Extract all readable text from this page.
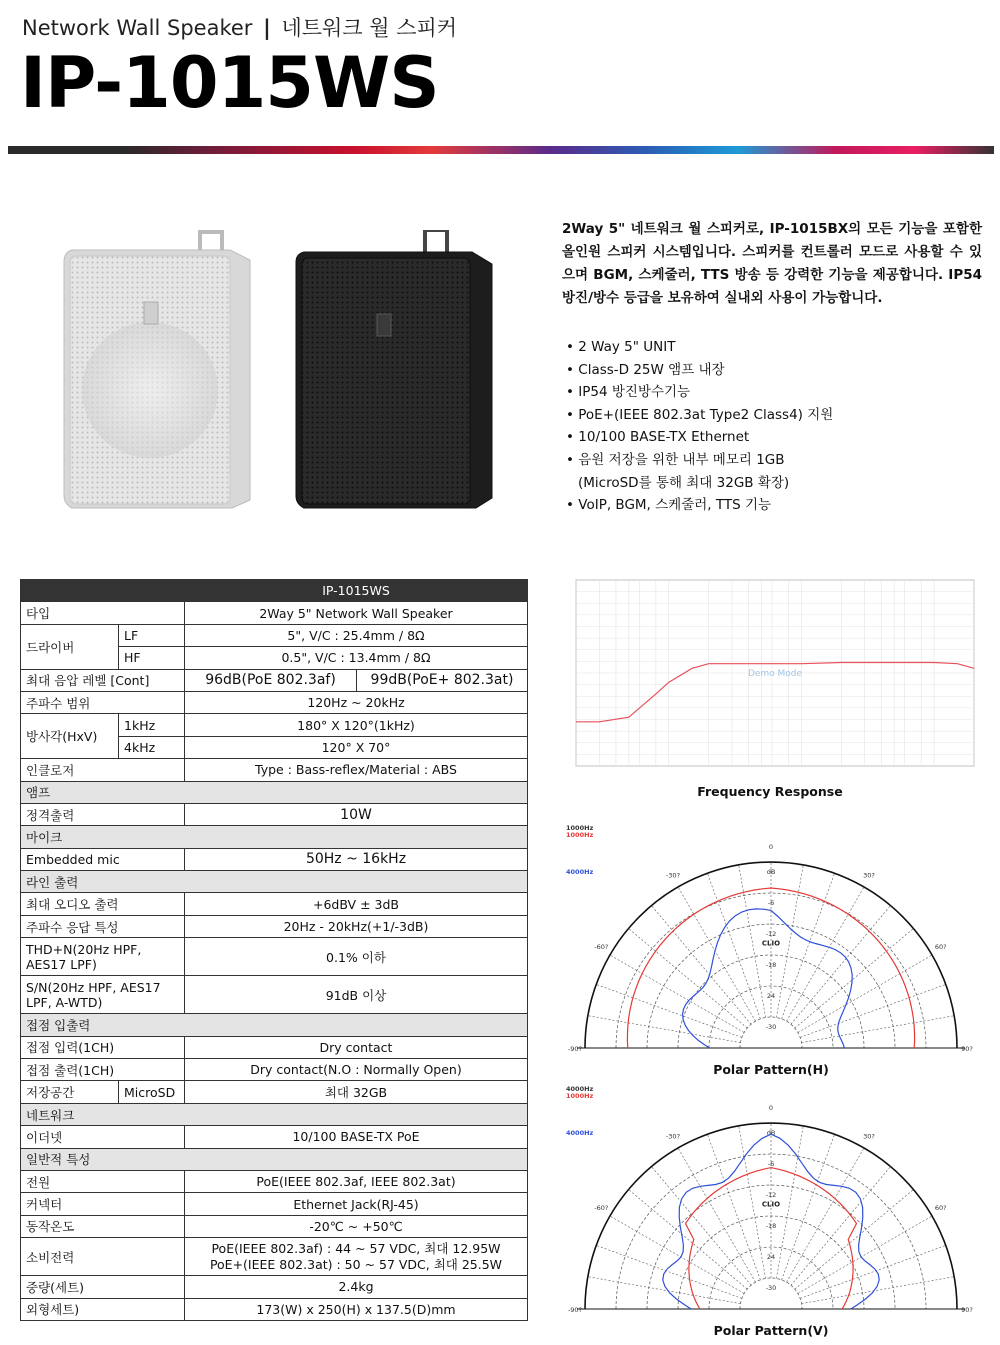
Network Wall Speaker | 네트워크 월 스피커
IP-1015WS

2Way 5" 네트워크 월 스피커로, IP-1015BX의 모든 기능을 포함한 올인원 스피커 시스템입니다. 스피커를 컨트롤러 모드로 사용할 수 있으며 BGM, 스케줄러, TTS 방송 등 강력한 기능을 제공합니다. IP54 방진/방수 등급을 보유하여 실내외 사용이 가능합니다.

• 2 Way 5" UNIT
• Class-D 25W 앰프 내장
• IP54 방진방수기능
• PoE+(IEEE 802.3at Type2 Class4) 지원
• 10/100 BASE-TX Ethernet
• 음원 저장을 위한 내부 메모리 1GB
(MicroSD를 통해 최대 32GB 확장)
• VoIP, BGM, 스케줄러, TTS 기능
		IP-1015WS	
타입		2Way 5" Network Wall Speaker	
드라이버	LF	5", V/C : 25.4mm / 8Ω	
	HF	0.5", V/C : 13.4mm / 8Ω	
최대 음압 레벨 [Cont]		96dB(PoE 802.3af)	99dB(PoE+ 802.3at)
주파수 범위		120Hz ~ 20kHz	
방사각(HxV)	1kHz	180° X 120°(1kHz)	
	4kHz	120° X 70°	
인클로저		Type : Bass-reflex/Material : ABS	
앰프			
정격출력		10W	
마이크			
Embedded mic		50Hz ~ 16kHz	
라인 출력			
최대 오디오 출력		+6dBV ± 3dB	
주파수 응답 특성		20Hz - 20kHz(+1/-3dB)	
THD+N(20Hz HPF, AES17 LPF)		0.1% 이하	
S/N(20Hz HPF, AES17 LPF, A-WTD)		91dB 이상	
접점 입출력			
접점 입력(1CH)		Dry contact	
접점 출력(1CH)		Dry contact(N.O : Normally Open)	
저장공간	MicroSD	최대 32GB	
네트워크			
이더넷		10/100 BASE-TX PoE	
일반적 특성			
전원		PoE(IEEE 802.3af, IEEE 802.3at)	
커넥터		Ethernet Jack(RJ-45)	
동작온도		-20℃ ~ +50℃	
소비전력		PoE(IEEE 802.3af) : 44 ~ 57 VDC, 최대 12.95W
PoE+(IEEE 802.3at) : 50 ~ 57 VDC, 최대 25.5W	

중량(세트)		2.4kg	
외형세트)		173(W) x 250(H) x 137.5(D)mm	
Demo Mode
Frequency Response
1000Hz
1000Hz
4000Hz
0
-30?	30?
-60?	60?
-90?	90?
dB
-6
-12
-18
24
-30
CLIO
Polar Pattern(H)
4000Hz
1000Hz
4000Hz
0
-30?	30?
-60?	60?
-90?	90?
dB
-6
-12
-18
24
-30
CLIO
Polar Pattern(V)
